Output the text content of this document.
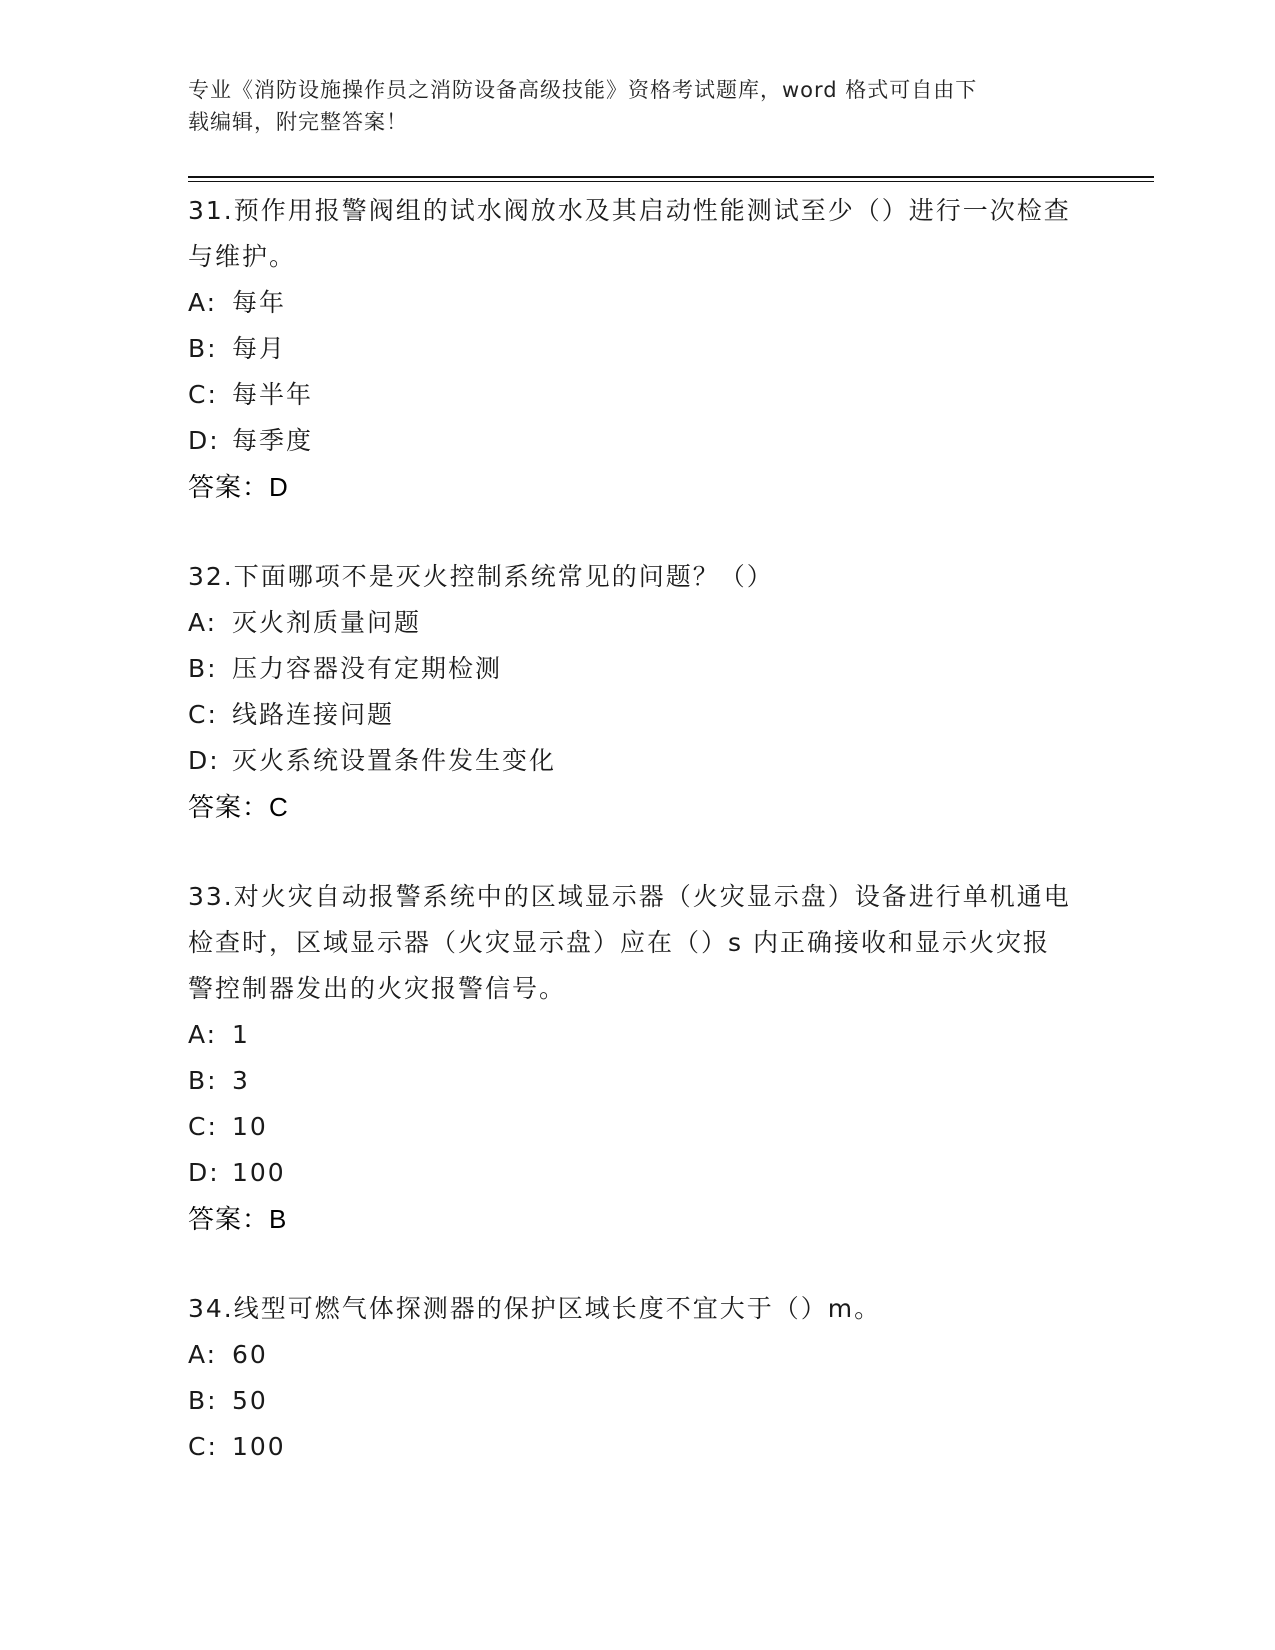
专业《消防设施操作员之消防设备高级技能》资格考试题库，word 格式可自由下
载编辑，附完整答案！
31.预作用报警阀组的试水阀放水及其启动性能测试至少（）进行一次检查与维护。
A: 每年
B: 每月
C: 每半年
D: 每季度
答案：D
32.下面哪项不是灭火控制系统常见的问题？（）
A: 灭火剂质量问题
B: 压力容器没有定期检测
C: 线路连接问题
D: 灭火系统设置条件发生变化
答案：C
33.对火灾自动报警系统中的区域显示器（火灾显示盘）设备进行单机通电检查时，区域显示器（火灾显示盘）应在（）s 内正确接收和显示火灾报警控制器发出的火灾报警信号。
A: 1
B: 3
C: 10
D: 100
答案：B
34.线型可燃气体探测器的保护区域长度不宜大于（）m。
A: 60
B: 50
C: 100
